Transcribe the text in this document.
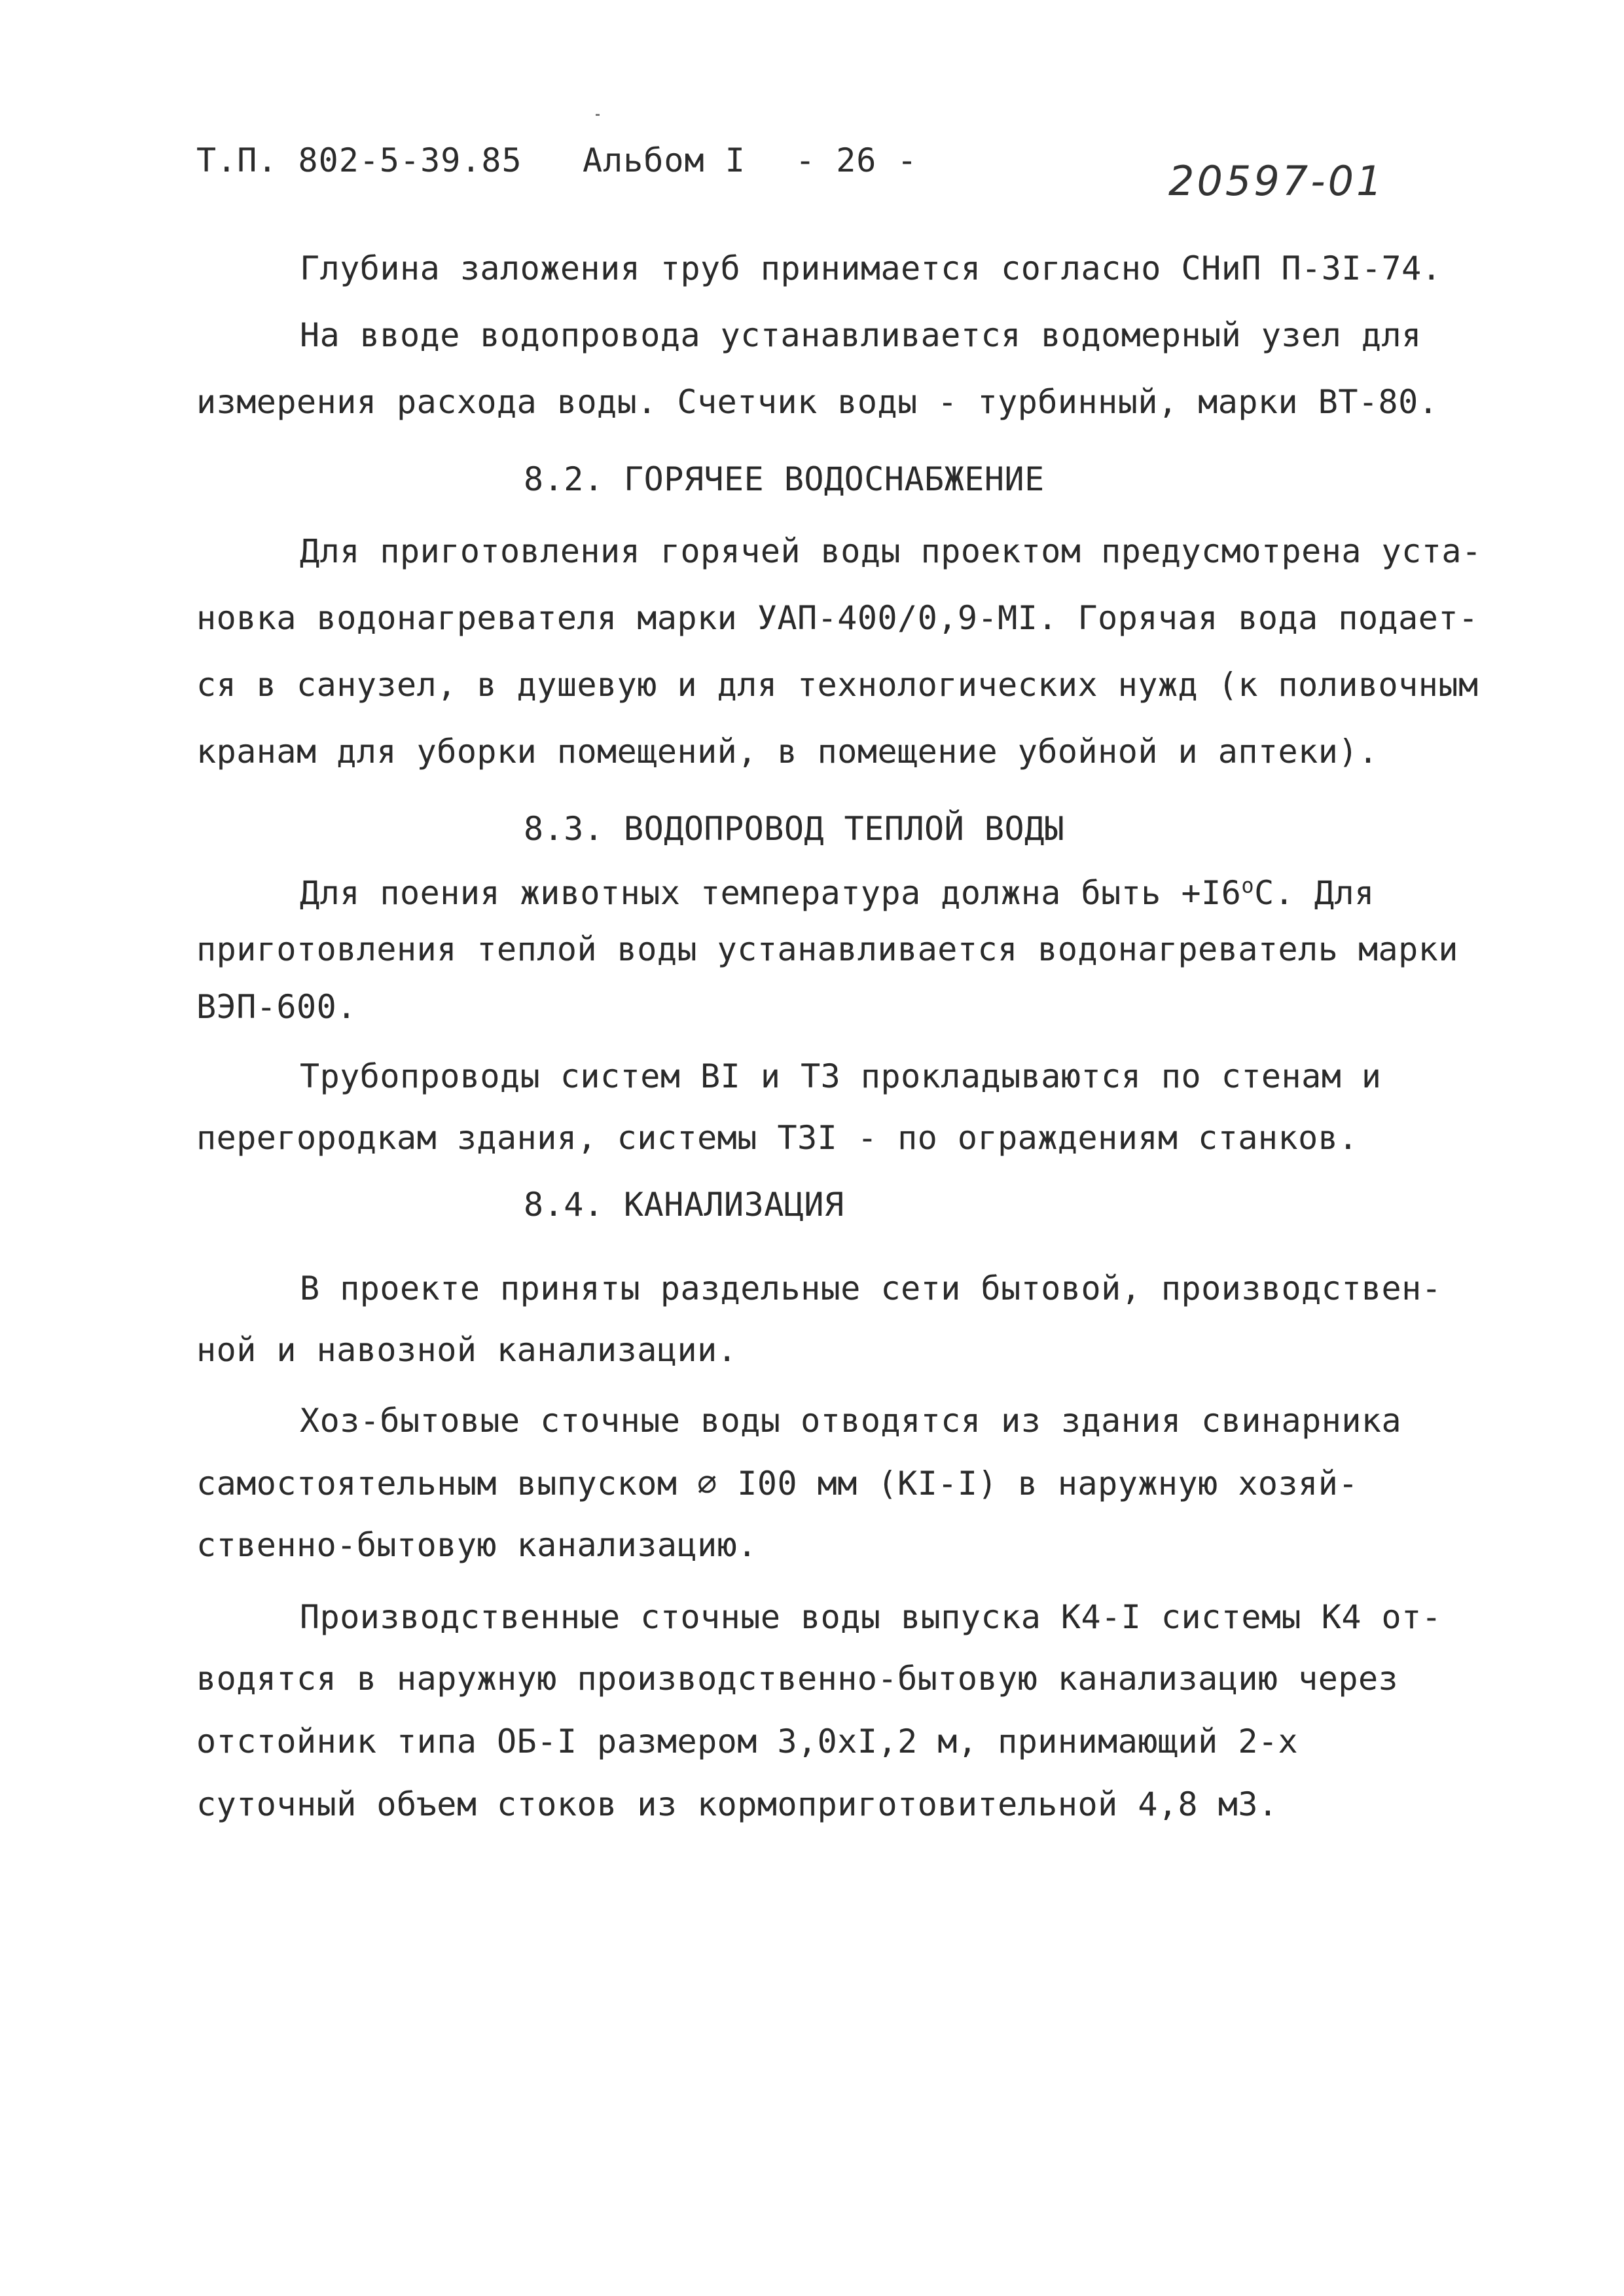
Т.П. 802-5-39.85 Альбом I - 26 -	20597-01
Глубина заложения труб принимается согласно СНиП П-3I-74.
На вводе водопровода устанавливается водомерный узел для
измерения расхода воды. Счетчик воды - турбинный, марки ВТ-80.
8.2. ГОРЯЧЕЕ ВОДОСНАБЖЕНИЕ
Для приготовления горячей воды проектом предусмотрена уста-
новка водонагревателя марки УАП-400/0,9-МI. Горячая вода подает-
ся в санузел, в душевую и для технологических нужд (к поливочным
кранам для уборки помещений, в помещение убойной и аптеки).
8.3. ВОДОПРОВОД ТЕПЛОЙ ВОДЫ
Для поения животных температура должна быть $+I6^оС$. Для
приготовления теплой воды устанавливается водонагреватель марки
ВЭП-600.
Трубопроводы систем ВI и Т3 прокладываются по стенам и
перегородкам здания, системы Т3I - по ограждениям станков.
8.4. КАНАЛИЗАЦИЯ
В проекте приняты раздельные сети бытовой, производствен-
ной и навозной канализации.
Хоз-бытовые сточные воды отводятся из здания свинарника
самостоятельным выпуском ∅ I00 мм (КI-I) в наружную хозяй-
ственно-бытовую канализацию.
Производственные сточные воды выпуска К4-I системы К4 от-
водятся в наружную производственно-бытовую канализацию через
отстойник типа ОБ-I размером 3,0хI,2 м, принимающий 2-х
суточный объем стоков из кормоприготовительной 4,8 м3.
